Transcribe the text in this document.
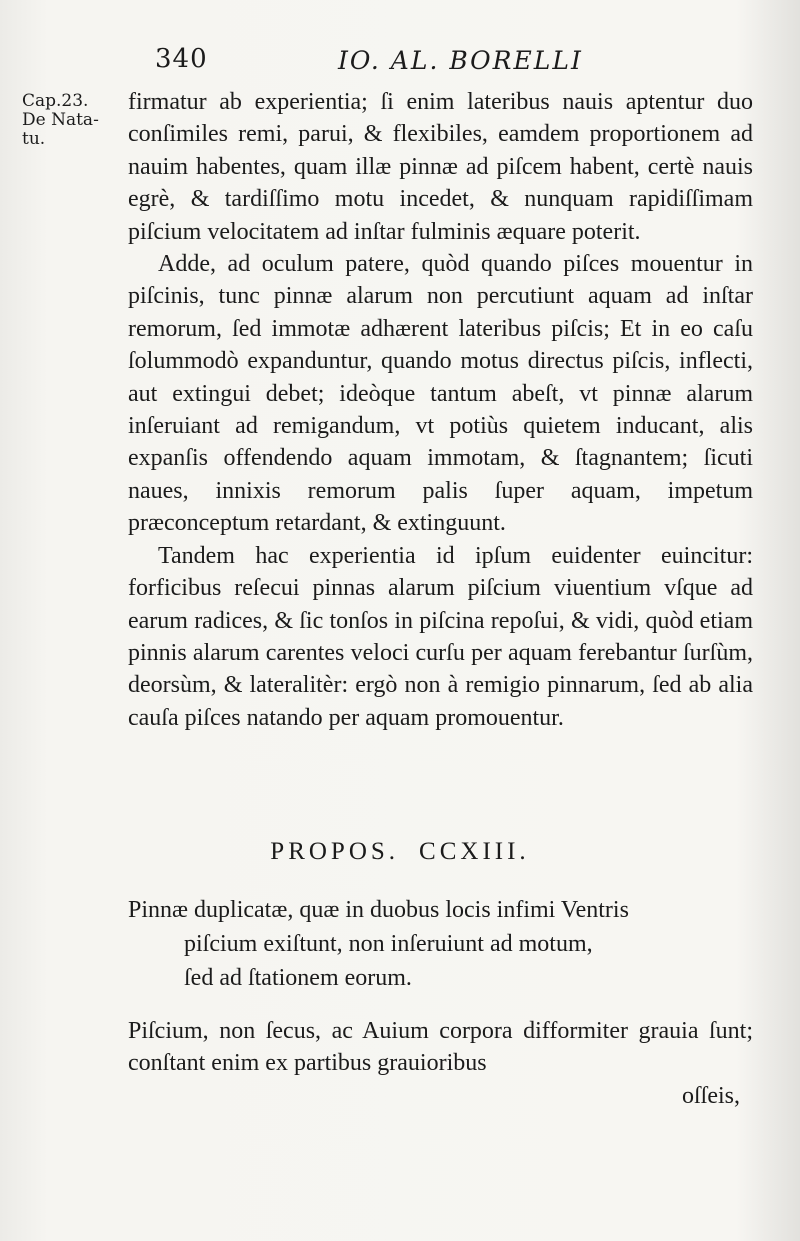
340	IO. AL. BORELLI
Cap.23.
De Nata-
tu.

firmatur ab experientia; ſi enim lateribus nauis aptentur duo conſimiles remi, parui, & flexibiles, eamdem proportionem ad nauim habentes, quam illæ pinnæ ad piſcem habent, certè nauis egrè, & tardiſſimo motu incedet, & nunquam rapidiſſimam piſcium velocitatem ad inſtar fulminis æquare poterit.

Adde, ad oculum patere, quòd quando piſces mouentur in piſcinis, tunc pinnæ alarum non percutiunt aquam ad inſtar remorum, ſed immotæ adhærent lateribus piſcis; Et in eo caſu ſolummodò expanduntur, quando motus directus piſcis, inflecti, aut extingui debet; ideòque tantum abeſt, vt pinnæ alarum inſeruiant ad remigandum, vt potiùs quietem inducant, alis expanſis offendendo aquam immotam, & ſtagnantem; ſicuti naues, innixis remorum palis ſuper aquam, impetum præconceptum retardant, & extinguunt.

Tandem hac experientia id ipſum euidenter euincitur: forficibus reſecui pinnas alarum piſcium viuentium vſque ad earum radices, & ſic tonſos in piſcina repoſui, & vidi, quòd etiam pinnis alarum carentes veloci curſu per aquam ferebantur ſurſùm, deorsùm, & lateralitèr: ergò non à remigio pinnarum, ſed ab alia cauſa piſces natando per aquam promouentur.

PROPOS. CCXIII.
Pinnæ duplicatæ, quæ in duobus locis infimi Ventris
piſcium exiſtunt, non inſeruiunt ad motum,
ſed ad ſtationem eorum.
Piſcium, non ſecus, ac Auium corpora difformiter grauia ſunt; conſtant enim ex partibus grauioribus
oſſeis,
